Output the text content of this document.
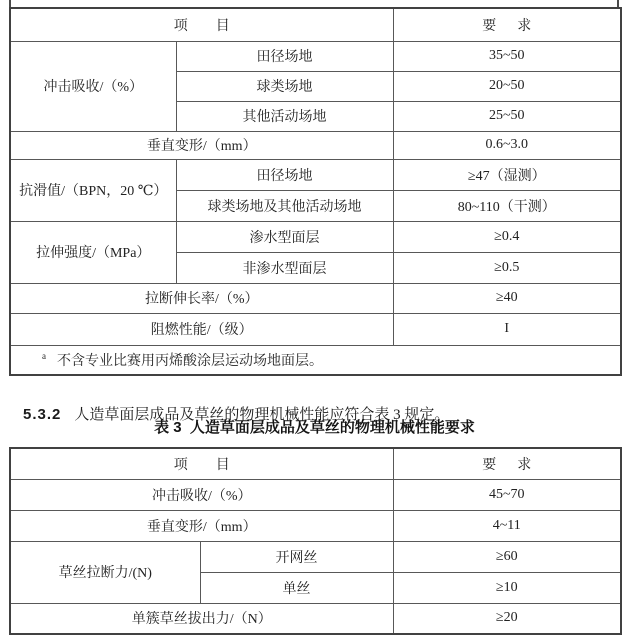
项        目		要      求
冲击吸收/（%）	田径场地	35~50
	球类场地	20~50
	其他活动场地	25~50
垂直变形/（mm）		0.6~3.0
抗滑值/（BPN，20 ℃）	田径场地	≥47（湿测）
	球类场地及其他活动场地	80~110（干测）
拉伸强度/（MPa）	渗水型面层	≥0.4
	非渗水型面层	≥0.5
拉断伸长率/（%）		≥40
阻燃性能/（级）		I
$^a$ 不含专业比赛用丙烯酸涂层运动场地面层。		

5.3.2 人造草面层成品及草丝的物理机械性能应符合表 3 规定。

表 3  人造草面层成品及草丝的物理机械性能要求
项        目		要      求
冲击吸收/（%）		45~70
垂直变形/（mm）		4~11
草丝拉断力/(N)	开网丝	≥60
	单丝	≥10
单簇草丝拔出力/（N）		≥20
